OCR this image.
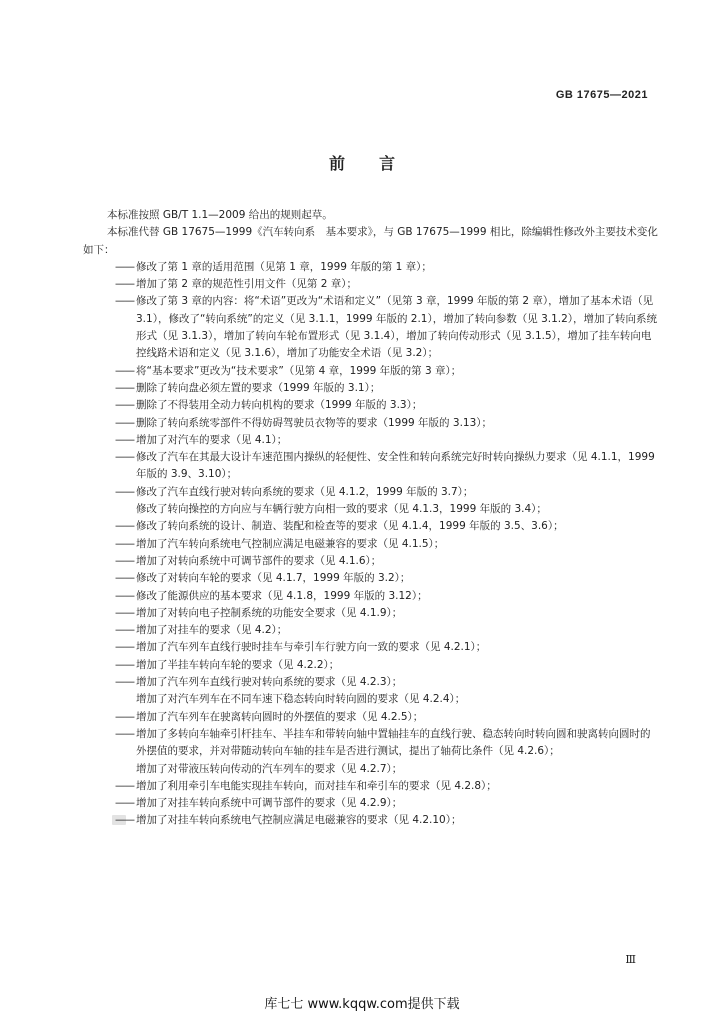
GB 17675—2021
前言

本标准按照 GB/T 1.1—2009 给出的规则起草。

本标准代替 GB 17675—1999《汽车转向系　基本要求》，与 GB 17675—1999 相比，除编辑性修改外主要技术变化如下：

—— 修改了第 1 章的适用范围（见第 1 章，1999 年版的第 1 章）；

—— 增加了第 2 章的规范性引用文件（见第 2 章）；

—— 修改了第 3 章的内容：将“术语”更改为“术语和定义”（见第 3 章，1999 年版的第 2 章），增加了基本术语（见 3.1），修改了“转向系统”的定义（见 3.1.1，1999 年版的 2.1），增加了转向参数（见 3.1.2），增加了转向系统形式（见 3.1.3），增加了转向车轮布置形式（见 3.1.4），增加了转向传动形式（见 3.1.5），增加了挂车转向电控线路术语和定义（见 3.1.6），增加了功能安全术语（见 3.2）；

—— 将“基本要求”更改为“技术要求”（见第 4 章，1999 年版的第 3 章）；

—— 删除了转向盘必须左置的要求（1999 年版的 3.1）；

—— 删除了不得装用全动力转向机构的要求（1999 年版的 3.3）；

—— 删除了转向系统零部件不得妨碍驾驶员衣物等的要求（1999 年版的 3.13）；

—— 增加了对汽车的要求（见 4.1）；

—— 修改了汽车在其最大设计车速范围内操纵的轻便性、安全性和转向系统完好时转向操纵力要求（见 4.1.1，1999 年版的 3.9、3.10）；

—— 修改了汽车直线行驶对转向系统的要求（见 4.1.2，1999 年版的 3.7）；

修改了转向操控的方向应与车辆行驶方向相一致的要求（见 4.1.3，1999 年版的 3.4）；

—— 修改了转向系统的设计、制造、装配和检查等的要求（见 4.1.4，1999 年版的 3.5、3.6）；

—— 增加了汽车转向系统电气控制应满足电磁兼容的要求（见 4.1.5）；

—— 增加了对转向系统中可调节部件的要求（见 4.1.6）；

—— 修改了对转向车轮的要求（见 4.1.7，1999 年版的 3.2）；

—— 修改了能源供应的基本要求（见 4.1.8，1999 年版的 3.12）；

—— 增加了对转向电子控制系统的功能安全要求（见 4.1.9）；

—— 增加了对挂车的要求（见 4.2）；

—— 增加了汽车列车直线行驶时挂车与牵引车行驶方向一致的要求（见 4.2.1）；

—— 增加了半挂车转向车轮的要求（见 4.2.2）；

—— 增加了汽车列车直线行驶对转向系统的要求（见 4.2.3）；

增加了对汽车列车在不同车速下稳态转向时转向圆的要求（见 4.2.4）；

—— 增加了汽车列车在驶离转向圆时的外摆值的要求（见 4.2.5）；

—— 增加了多转向车轴牵引杆挂车、半挂车和带转向轴中置轴挂车的直线行驶、稳态转向时转向圆和驶离转向圆时的外摆值的要求，并对带随动转向车轴的挂车是否进行测试，提出了轴荷比条件（见 4.2.6）；

增加了对带液压转向传动的汽车列车的要求（见 4.2.7）；

—— 增加了利用牵引车电能实现挂车转向，而对挂车和牵引车的要求（见 4.2.8）；

—— 增加了对挂车转向系统中可调节部件的要求（见 4.2.9）；

—— 增加了对挂车转向系统电气控制应满足电磁兼容的要求（见 4.2.10）；

Ⅲ
库七七 www.kqqw.com提供下载
